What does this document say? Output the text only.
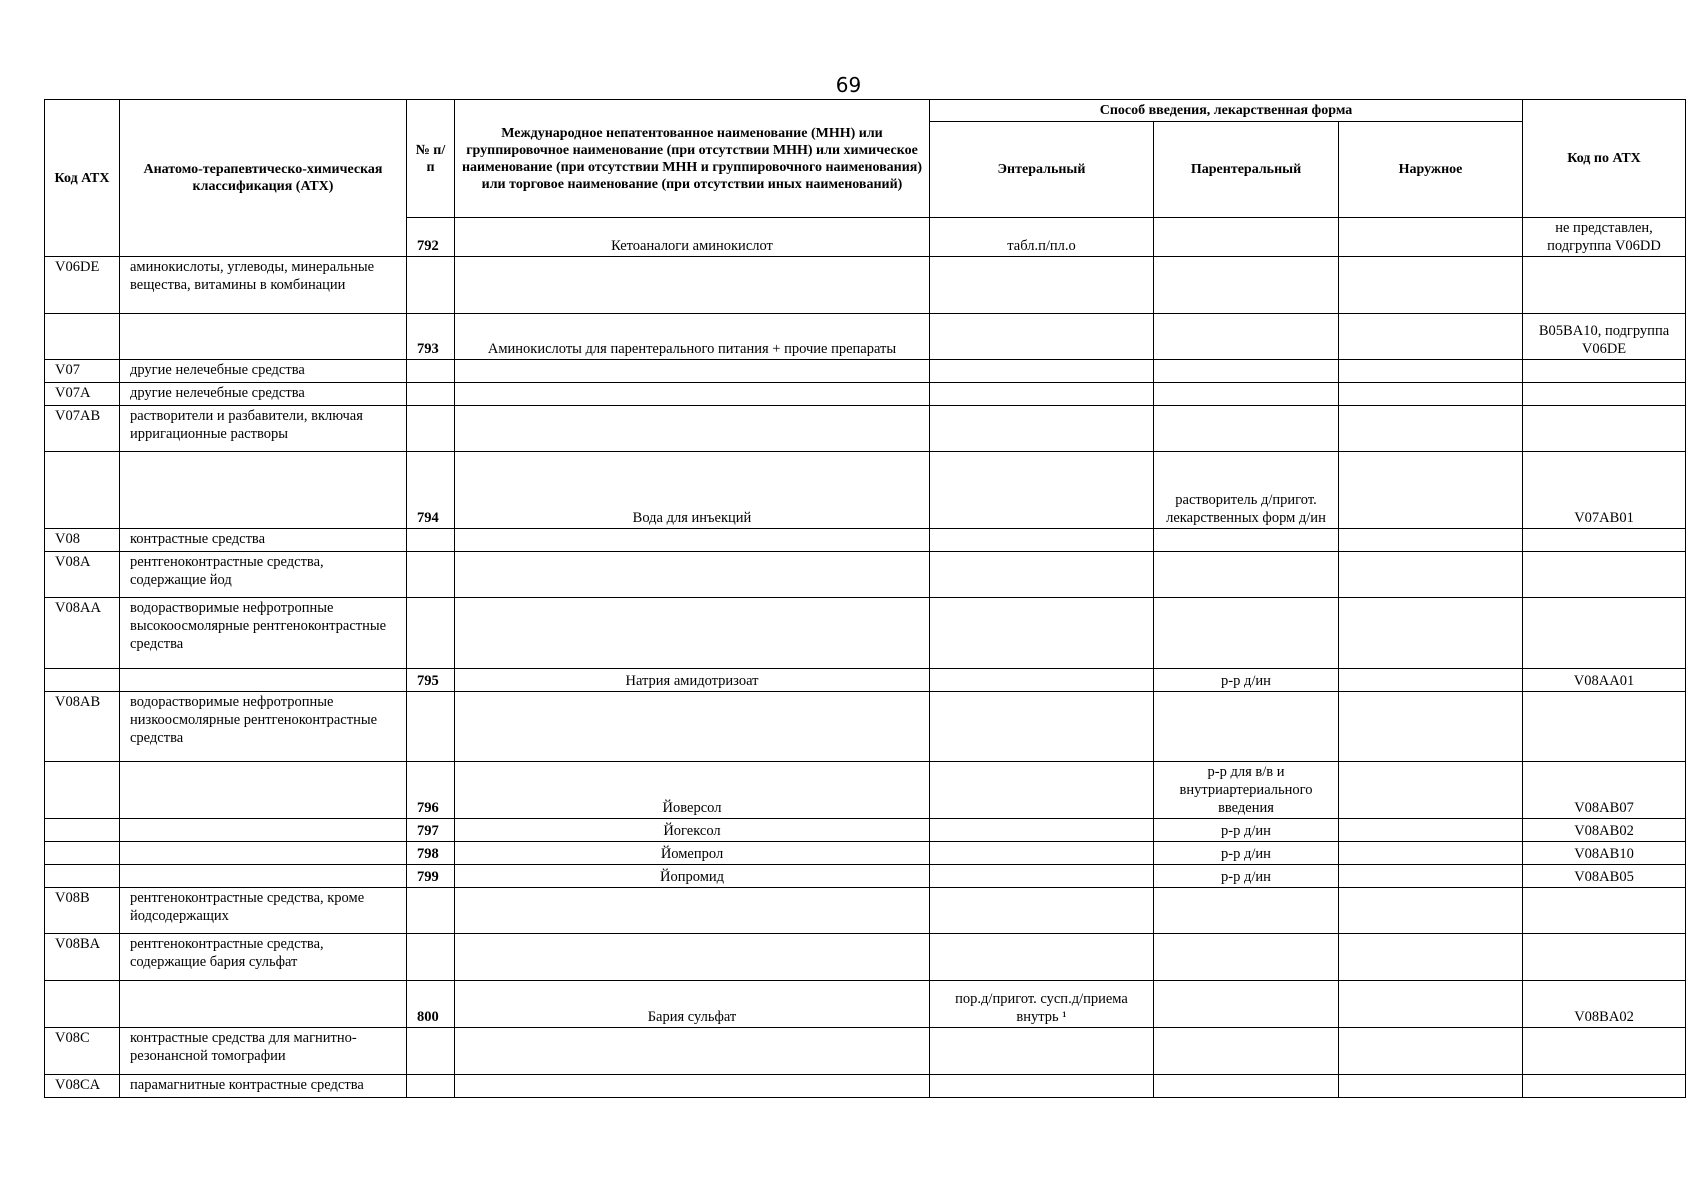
69
Код АТХ	Анатомо-терапевтическо-химическая классификация (АТХ)	№ п/п	Международное непатентованное наименование (МНН) или группировочное наименование (при отсутствии МНН) или химическое наименование (при отсутствии МНН и группировочного наименования) или торговое наименование (при отсутствии иных наименований)	Способ введения, лекарственная форма			Код по АТХ
				Энтеральный	Парентеральный	Наружное	
		792	Кетоаналоги аминокислот	табл.п/пл.о			не представлен, подгруппа V06DD
V06DE	аминокислоты, углеводы, минеральные вещества, витамины в комбинации						
		793	Аминокислоты для парентерального питания + прочие препараты				B05BA10, подгруппа V06DE
V07	другие нелечебные средства						
V07A	другие нелечебные средства						
V07AB	растворители и разбавители, включая ирригационные растворы						
		794	Вода для инъекций		растворитель д/пригот. лекарственных форм д/ин		V07AB01
V08	контрастные средства						
V08A	рентгеноконтрастные средства, содержащие йод						
V08AA	водорастворимые нефротропные высокоосмолярные рентгеноконтрастные средства						
		795	Натрия амидотризоат		р-р д/ин		V08AA01
V08AB	водорастворимые нефротропные низкоосмолярные рентгеноконтрастные средства						
		796	Йоверсол		р-р для в/в и внутриартериального введения		V08AB07
		797	Йогексол		р-р д/ин		V08AB02
		798	Йомепрол		р-р д/ин		V08AB10
		799	Йопромид		р-р д/ин		V08AB05
V08B	рентгеноконтрастные средства, кроме йодсодержащих						
V08BA	рентгеноконтрастные средства, содержащие бария сульфат						
		800	Бария сульфат	пор.д/пригот. сусп.д/приема внутрь ¹			V08BA02
V08C	контрастные средства для магнитно-резонансной томографии						
V08CA	парамагнитные контрастные средства						
